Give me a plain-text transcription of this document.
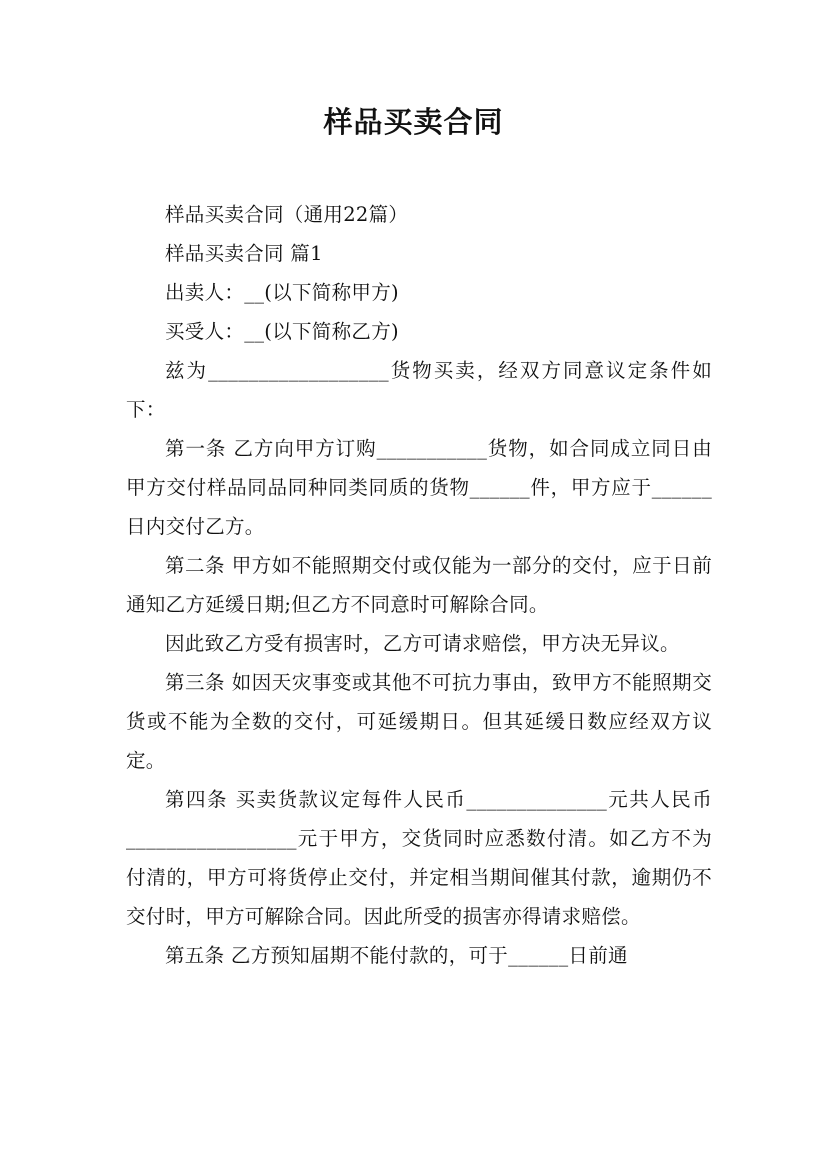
样品买卖合同

样品买卖合同（通用22篇）

样品买卖合同 篇1

出卖人：__(以下简称甲方)

买受人：__(以下简称乙方)

兹为__________________货物买卖，经双方同意议定条件如下：

第一条 乙方向甲方订购___________货物，如合同成立同日由甲方交付样品同品同种同类同质的货物______件，甲方应于______日内交付乙方。

第二条 甲方如不能照期交付或仅能为一部分的交付，应于日前通知乙方延缓日期;但乙方不同意时可解除合同。

因此致乙方受有损害时，乙方可请求赔偿，甲方决无异议。

第三条 如因天灾事变或其他不可抗力事由，致甲方不能照期交货或不能为全数的交付，可延缓期日。但其延缓日数应经双方议定。

第四条 买卖货款议定每件人民币______________元共人民币_________________元于甲方，交货同时应悉数付清。如乙方不为付清的，甲方可将货停止交付，并定相当期间催其付款，逾期仍不交付时，甲方可解除合同。因此所受的损害亦得请求赔偿。

第五条 乙方预知届期不能付款的，可于______日前通
